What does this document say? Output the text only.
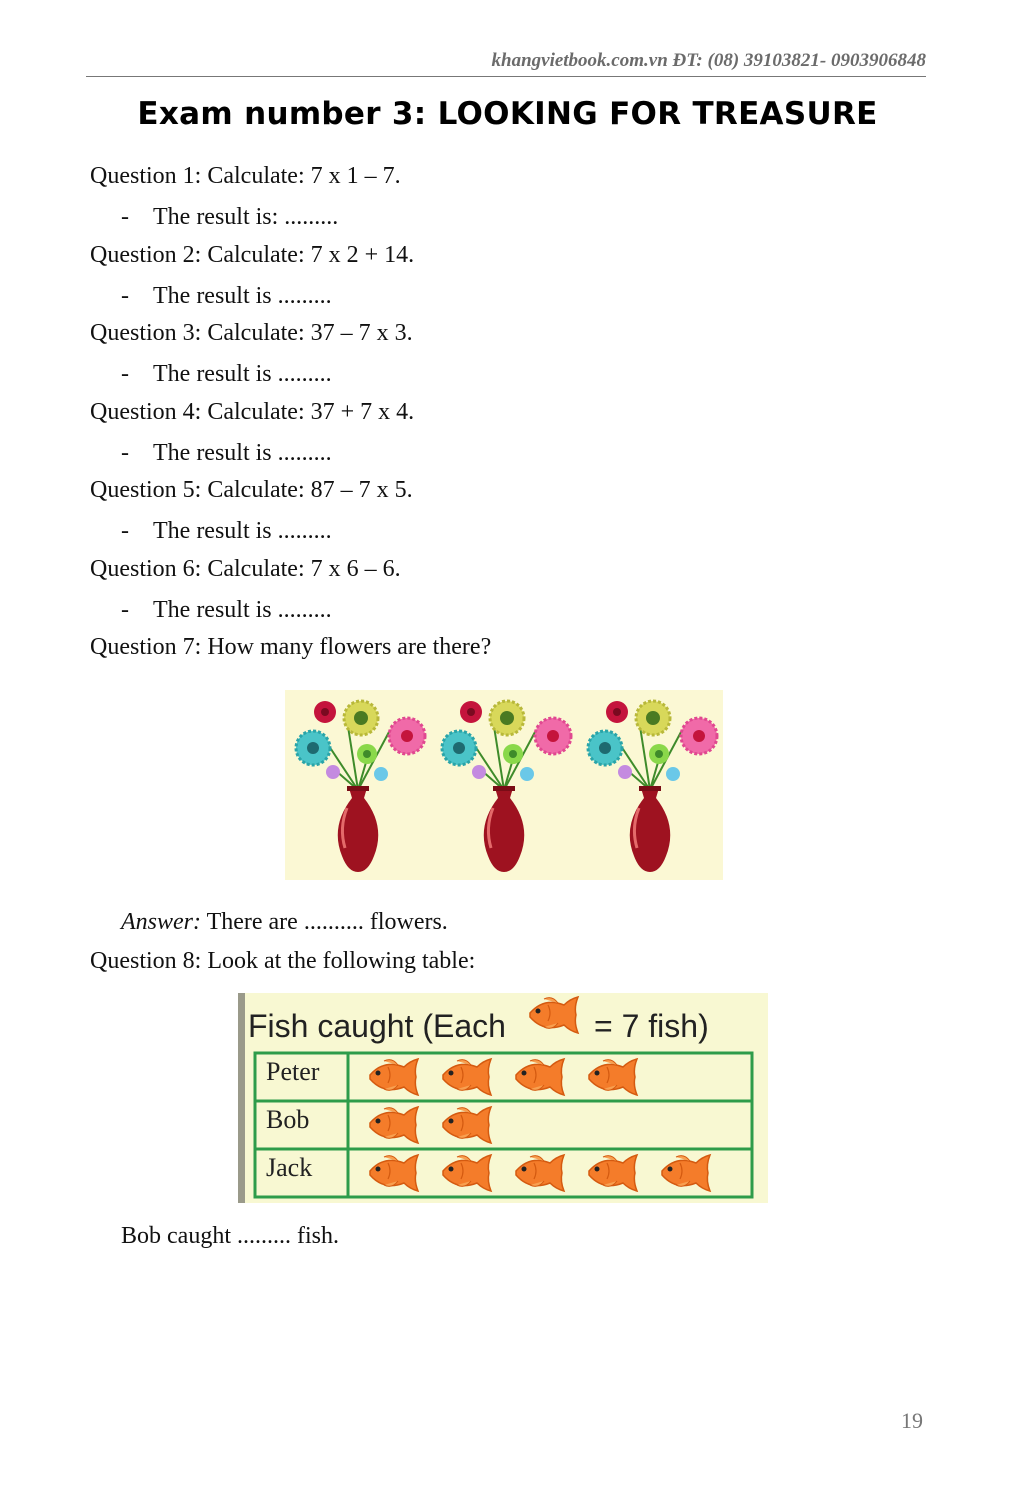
khangvietbook.com.vn ĐT: (08) 39103821- 0903906848
Exam number 3: LOOKING FOR TREASURE
Question 1: Calculate: 7 x 1 – 7.
- The result is: .........
Question 2: Calculate: 7 x 2 + 14.
- The result is .........
Question 3: Calculate: 37 – 7 x 3.
- The result is .........
Question 4: Calculate: 37 + 7 x 4.
- The result is .........
Question 5: Calculate: 87 – 7 x 5.
- The result is .........
Question 6: Calculate: 7 x 6 – 6.
- The result is .........
Question 7: How many flowers are there?
Answer: There are .......... flowers.
Question 8: Look at the following table:
Fish caught (Each	= 7 fish)
Peter
Bob
Jack
Bob caught ......... fish.
19
